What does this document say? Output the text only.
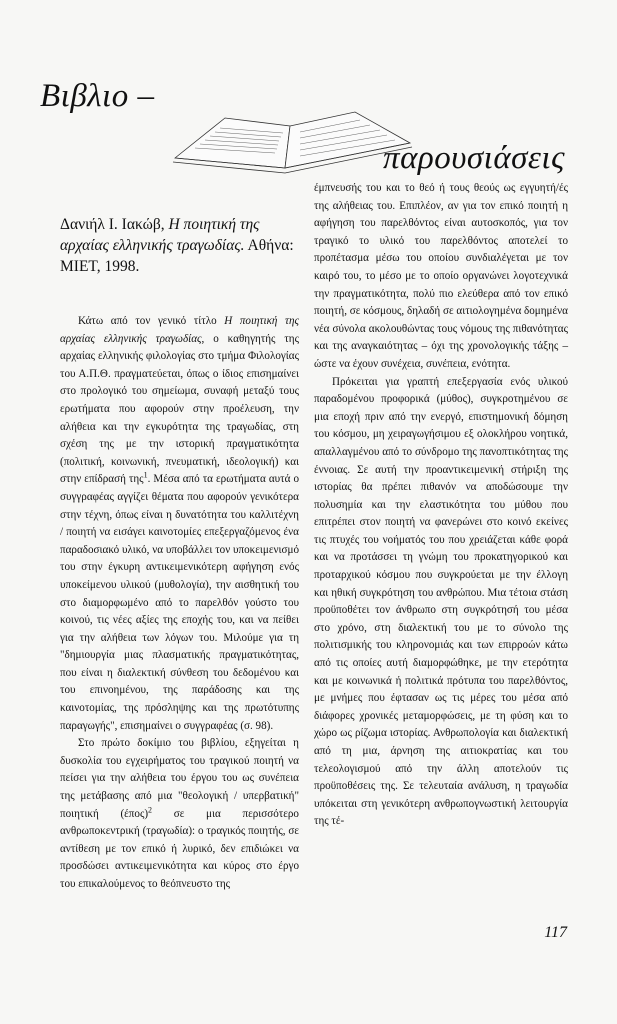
Βιβλιο –
παρουσιάσεις

Δανιήλ Ι. Ιακώβ, Η ποιητική της αρχαίας ελληνικής τραγωδίας. Αθήνα: ΜΙΕΤ, 1998.

Κάτω από τον γενικό τίτλο Η ποιητική της αρχαίας ελληνικής τραγωδίας, ο καθηγητής της αρχαίας ελληνικής φιλολογίας στο τμήμα Φιλολογίας του Α.Π.Θ. πραγματεύεται, όπως ο ίδιος επισημαίνει στο προλογικό του σημείωμα, συναφή μεταξύ τους ερωτήματα που αφορούν στην προέλευση, την αλήθεια και την εγκυρότητα της τραγωδίας, στη σχέση της με την ιστορική πραγματικότητα (πολιτική, κοινωνική, πνευματική, ιδεολογική) και στην επίδρασή της$^1$. Μέσα από τα ερωτήματα αυτά ο συγγραφέας αγγίζει θέματα που αφορούν γενικότερα στην τέχνη, όπως είναι η δυνατότητα του καλλιτέχνη / ποιητή να εισάγει καινοτομίες επεξεργαζόμενος ένα παραδοσιακό υλικό, να υποβάλλει τον υποκειμενισμό του στην έγκυρη αντικειμενικότερη αφήγηση ενός υποκείμενου υλικού (μυθολογία), την αισθητική του στο διαμορφωμένο από το παρελθόν γούστο του κοινού, τις νέες αξίες της εποχής του, και να πείθει για την αλήθεια των λόγων του. Μιλούμε για τη "δημιουργία μιας πλασματικής πραγματικότητας, που είναι η διαλεκτική σύνθεση του δεδομένου και του επινοημένου, της παράδοσης και της καινοτομίας, της πρόσληψης και της πρωτότυπης παραγωγής", επισημαίνει ο συγγραφέας (σ. 98).

Στο πρώτο δοκίμιο του βιβλίου, εξηγείται η δυσκολία του εγχειρήματος του τραγικού ποιητή να πείσει για την αλήθεια του έργου του ως συνέπεια της μετάβασης από μια "θεολογική / υπερβατική" ποιητική $(έ\pi o\varsigma)^2$ σε μια περισσότερο ανθρωποκεντρική (τραγωδία): ο τραγικός ποιητής, σε αντίθεση με τον επικό ή λυρικό, δεν επιδιώκει να προσδώσει αντικειμενικότητα και κύρος στο έργο του επικαλούμενος το θεόπνευστο της

έμπνευσής του και το θεό ή τους θεούς ως εγγυητή/ές της αλήθειας του. Επιπλέον, αν για τον επικό ποιητή η αφήγηση του παρελθόντος είναι αυτοσκοπός, για τον τραγικό το υλικό του παρελθόντος αποτελεί το προπέτασμα μέσω του οποίου συνδιαλέγεται με τον καιρό του, το μέσο με το οποίο οργανώνει λογοτεχνικά την πραγματικότητα, πολύ πιο ελεύθερα από τον επικό ποιητή, σε κόσμους, δηλαδή σε αιτιολογημένα δομημένα νέα σύνολα ακολουθώντας τους νόμους της πιθανότητας και της αναγκαιότητας – όχι της χρονολογικής τάξης – ώστε να έχουν συνέχεια, συνέπεια, ενότητα.

Πρόκειται για γραπτή επεξεργασία ενός υλικού παραδομένου προφορικά (μύθος), συγκροτημένου σε μια εποχή πριν από την ενεργό, επιστημονική δόμηση του κόσμου, μη χειραγωγήσιμου εξ ολοκλήρου νοητικά, απαλλαγμένου από το σύνδρομο της πανοπτικότητας της έννοιας. Σε αυτή την προαντικειμενική στήριξη της ιστορίας θα πρέπει πιθανόν να αποδώσουμε την πολυσημία και την ελαστικότητα του μύθου που επιτρέπει στον ποιητή να φανερώνει στο κοινό εκείνες τις πτυχές του νοήματός του που χρειάζεται κάθε φορά και να προτάσσει τη γνώμη του προκατηγορικού και προταρχικού κόσμου που συγκρούεται με την έλλογη και ηθική συγκρότηση του ανθρώπου. Μια τέτοια στάση προϋποθέτει τον άνθρωπο στη συγκρότησή του μέσα στο χρόνο, στη διαλεκτική του με το σύνολο της πολιτισμικής του κληρονομιάς και των επιρροών κάτω από τις οποίες αυτή διαμορφώθηκε, με την ετερότητα και με κοινωνικά ή πολιτικά πρότυπα του παρελθόντος, με μνήμες που έφτασαν ως τις μέρες του μέσα από διάφορες χρονικές μεταμορφώσεις, με τη φύση και το χώρο ως ρίζωμα ιστορίας. Ανθρωπολογία και διαλεκτική από τη μια, άρνηση της αιτιοκρατίας και του τελεολογισμού από την άλλη αποτελούν τις προϋποθέσεις της. Σε τελευταία ανάλυση, η τραγωδία υπόκειται στη γενικότερη ανθρωπογνωστική λειτουργία της τέ-

117
